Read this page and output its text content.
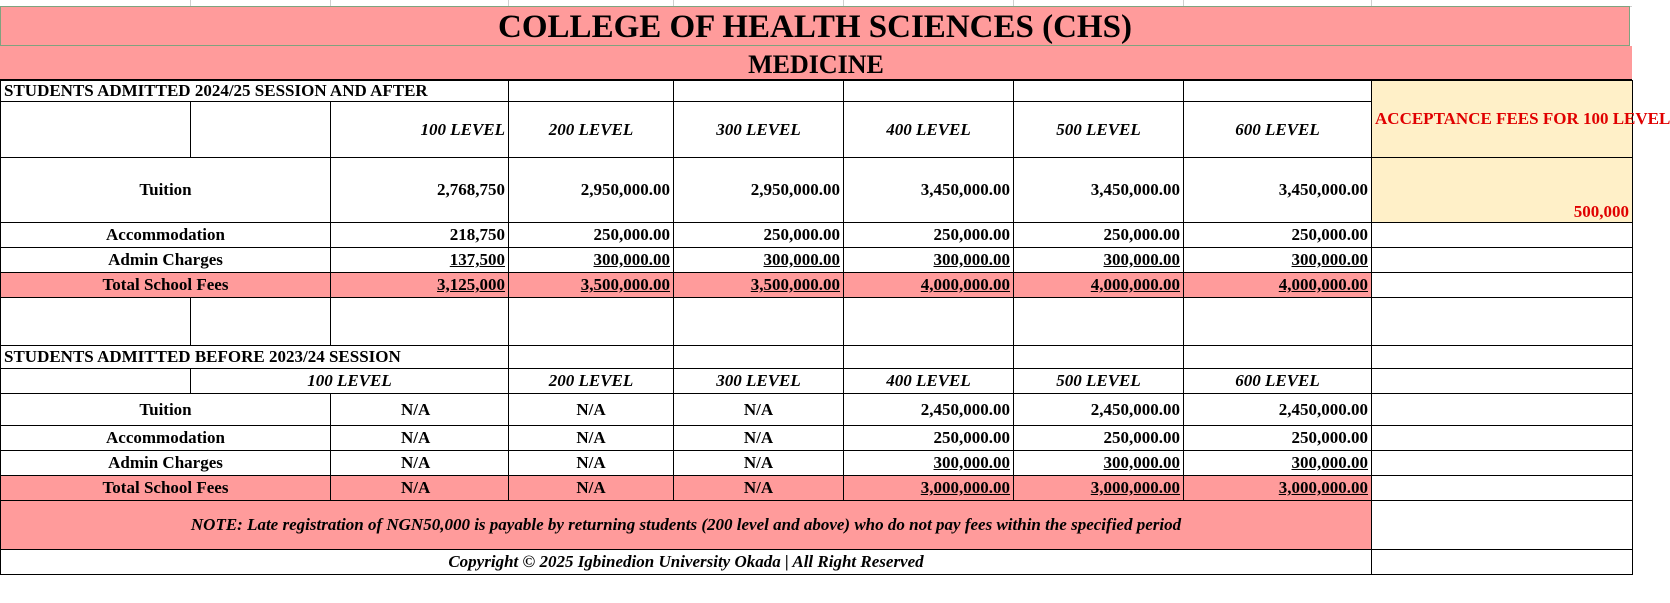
COLLEGE OF HEALTH SCIENCES (CHS)
MEDICINE
STUDENTS ADMITTED 2024/25 SESSION AND AFTER								ACCEPTANCE FEES FOR 100 LEVEL
		100 LEVEL	200 LEVEL	300 LEVEL	400 LEVEL	500 LEVEL	600 LEVEL	
Tuition		2,768,750	2,950,000.00	2,950,000.00	3,450,000.00	3,450,000.00	3,450,000.00	500,000
Accommodation		218,750	250,000.00	250,000.00	250,000.00	250,000.00	250,000.00	
Admin Charges		137,500	300,000.00	300,000.00	300,000.00	300,000.00	300,000.00	
Total School Fees		3,125,000	3,500,000.00	3,500,000.00	4,000,000.00	4,000,000.00	4,000,000.00	

STUDENTS ADMITTED BEFORE 2023/24 SESSION								
	100 LEVEL		200 LEVEL	300 LEVEL	400 LEVEL	500 LEVEL	600 LEVEL	
Tuition		N/A	N/A	N/A	2,450,000.00	2,450,000.00	2,450,000.00	
Accommodation		N/A	N/A	N/A	250,000.00	250,000.00	250,000.00	
Admin Charges		N/A	N/A	N/A	300,000.00	300,000.00	300,000.00	
Total School Fees		N/A	N/A	N/A	3,000,000.00	3,000,000.00	3,000,000.00	
NOTE: Late registration of NGN50,000 is payable by returning students (200 level and above) who do not pay fees within the specified period								
Copyright © 2025 Igbinedion University Okada | All Right Reserved								
